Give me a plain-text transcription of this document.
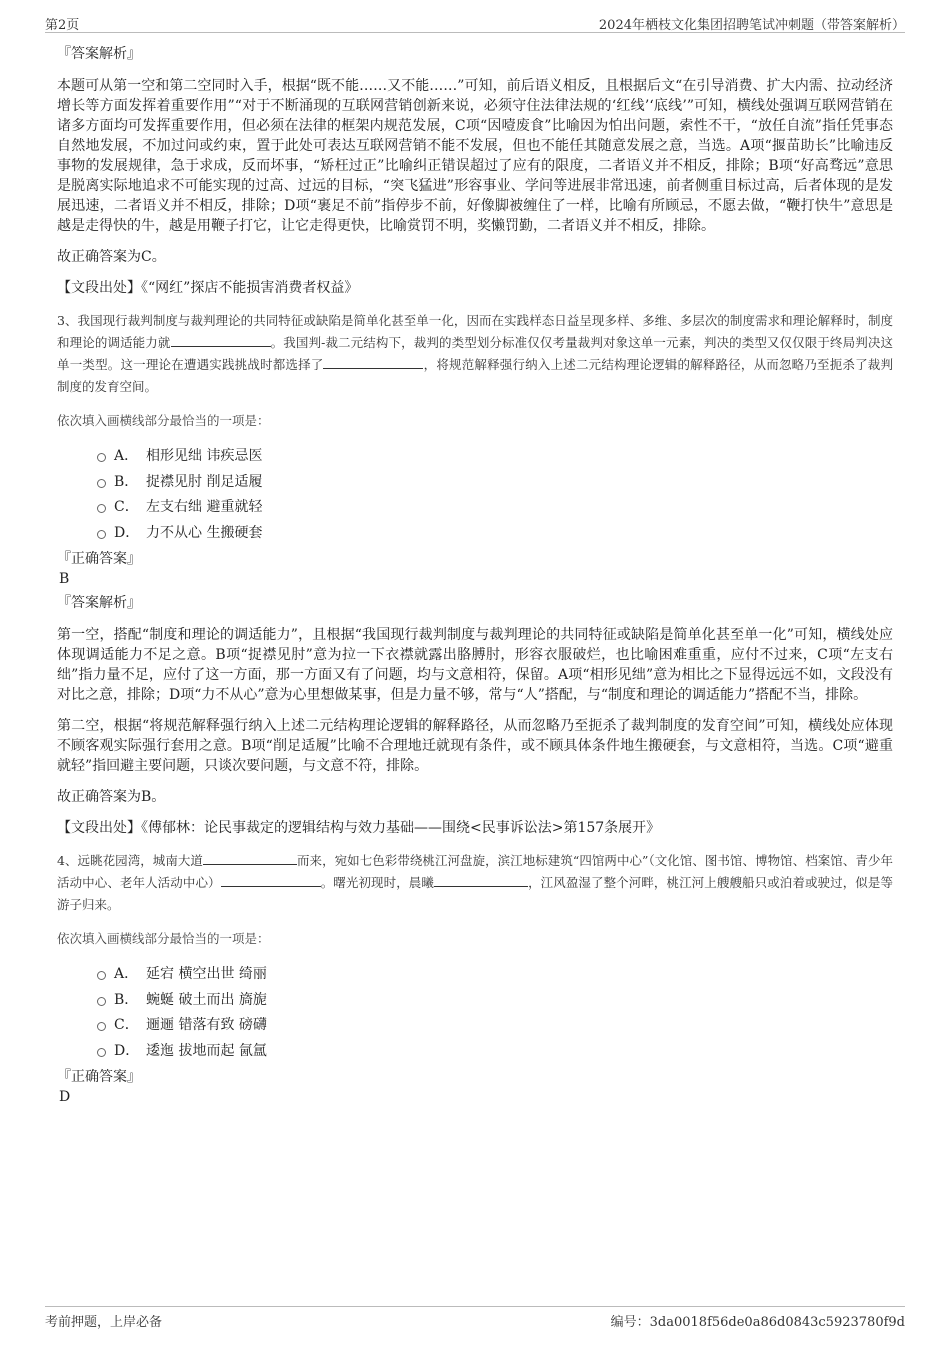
第2页	2024年栖枝文化集团招聘笔试冲刺题（带答案解析）
『答案解析』

本题可从第一空和第二空同时入手，根据“既不能……又不能……”可知，前后语义相反，且根据后文“在引导消费、扩大内需、拉动经济增长等方面发挥着重要作用”“对于不断涌现的互联网营销创新来说，必须守住法律法规的‘红线’‘底线’”可知，横线处强调互联网营销在诸多方面均可发挥重要作用，但必须在法律的框架内规范发展，C项“因噎废食”比喻因为怕出问题，索性不干，“放任自流”指任凭事态自然地发展，不加过问或约束，置于此处可表达互联网营销不能不发展，但也不能任其随意发展之意，当选。A项“揠苗助长”比喻违反事物的发展规律，急于求成，反而坏事，“矫枉过正”比喻纠正错误超过了应有的限度，二者语义并不相反，排除；B项“好高骛远”意思是脱离实际地追求不可能实现的过高、过远的目标，“突飞猛进”形容事业、学问等进展非常迅速，前者侧重目标过高，后者体现的是发展迅速，二者语义并不相反，排除；D项“裹足不前”指停步不前，好像脚被缠住了一样，比喻有所顾忌，不愿去做，“鞭打快牛”意思是越是走得快的牛，越是用鞭子打它，让它走得更快，比喻赏罚不明，奖懒罚勤，二者语义并不相反，排除。

故正确答案为C。

【文段出处】《“网红”探店不能损害消费者权益》
3、我国现行裁判制度与裁判理论的共同特征或缺陷是简单化甚至单一化，因而在实践样态日益呈现多样、多维、多层次的制度需求和理论解释时，制度和理论的调适能力就	。我国判-裁二元结构下，裁判的类型划分标准仅仅考量裁判对象这单一元素，判决的类型又仅仅限于终局判决这单一类型。这一理论在遭遇实践挑战时都选择了	，将规范解释强行纳入上述二元结构理论逻辑的解释路径，从而忽略乃至扼杀了裁判制度的发育空间。
依次填入画横线部分最恰当的一项是：
A． 相形见绌 讳疾忌医
B． 捉襟见肘 削足适履
C． 左支右绌 避重就轻
D． 力不从心 生搬硬套
『正确答案』
B
『答案解析』

第一空，搭配“制度和理论的调适能力”，且根据“我国现行裁判制度与裁判理论的共同特征或缺陷是简单化甚至单一化”可知，横线处应体现调适能力不足之意。B项“捉襟见肘”意为拉一下衣襟就露出胳膊肘，形容衣服破烂，也比喻困难重重，应付不过来，C项“左支右绌”指力量不足，应付了这一方面，那一方面又有了问题，均与文意相符，保留。A项“相形见绌”意为相比之下显得远远不如，文段没有对比之意，排除；D项“力不从心”意为心里想做某事，但是力量不够，常与“人”搭配，与“制度和理论的调适能力”搭配不当，排除。

第二空，根据“将规范解释强行纳入上述二元结构理论逻辑的解释路径，从而忽略乃至扼杀了裁判制度的发育空间”可知，横线处应体现不顾客观实际强行套用之意。B项“削足适履”比喻不合理地迁就现有条件，或不顾具体条件地生搬硬套，与文意相符，当选。C项“避重就轻”指回避主要问题，只谈次要问题，与文意不符，排除。

故正确答案为B。

【文段出处】《傅郁林：论民事裁定的逻辑结构与效力基础——围绕<民事诉讼法>第157条展开》
4、远眺花园湾，城南大道	而来，宛如七色彩带绕桃江河盘旋，滨江地标建筑“四馆两中心”（文化馆、图书馆、博物馆、档案馆、青少年活动中心、老年人活动中心）	。曙光初现时，晨曦	，江风盈湿了整个河畔，桃江河上艘艘船只或泊着或驶过，似是等游子归来。
依次填入画横线部分最恰当的一项是：
A． 延宕 横空出世 绮丽
B． 蜿蜒 破土而出 旖旎
C． 逦逦 错落有致 磅礴
D． 逶迤 拔地而起 氤氲
『正确答案』
D
考前押题，上岸必备	编号：3da0018f56de0a86d0843c5923780f9d
